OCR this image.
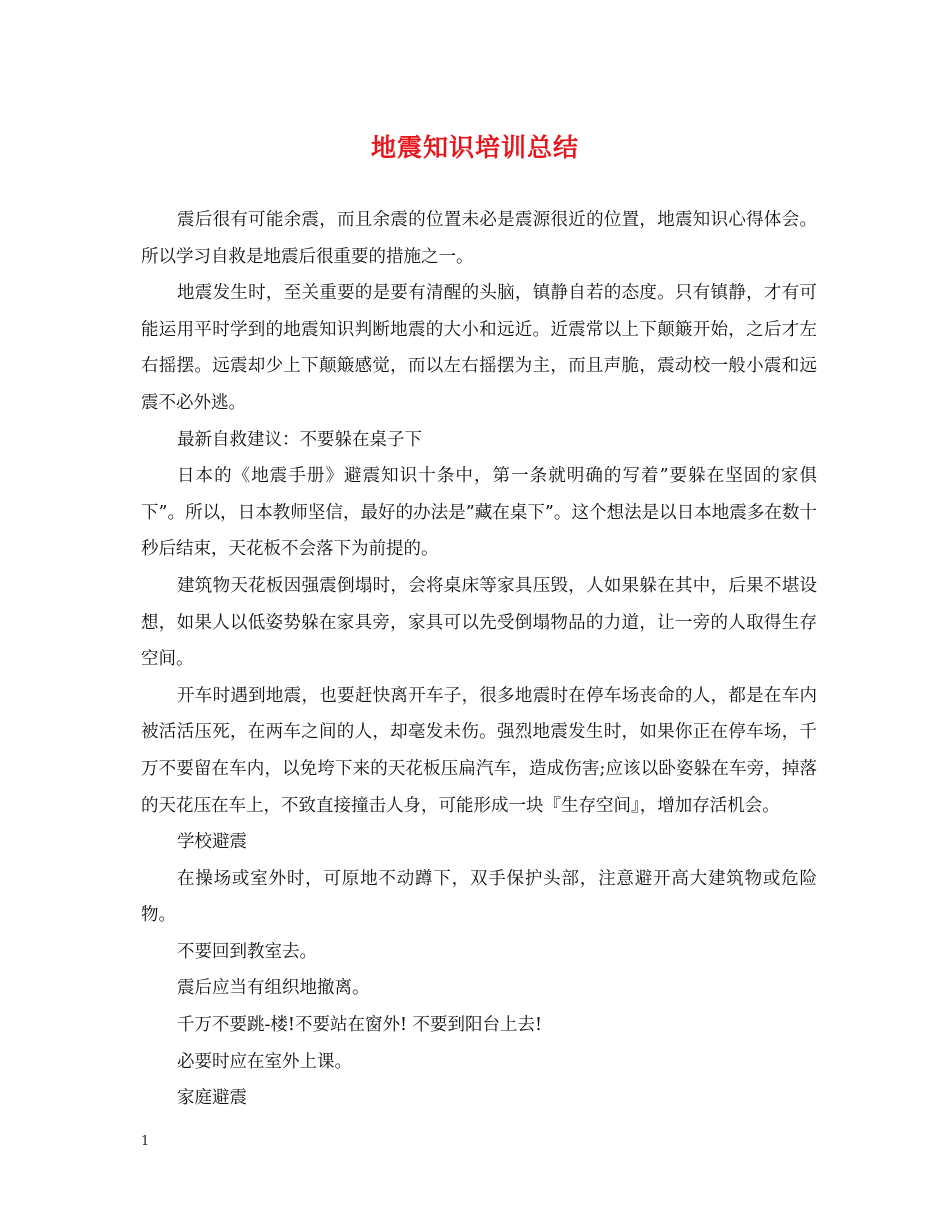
地震知识培训总结

震后很有可能余震，而且余震的位置未必是震源很近的位置，地震知识心得体会。所以学习自救是地震后很重要的措施之一。

地震发生时，至关重要的是要有清醒的头脑，镇静自若的态度。只有镇静，才有可能运用平时学到的地震知识判断地震的大小和远近。近震常以上下颠簸开始，之后才左右摇摆。远震却少上下颠簸感觉，而以左右摇摆为主，而且声脆，震动校一般小震和远震不必外逃。

最新自救建议：不要躲在桌子下

日本的《地震手册》避震知识十条中，第一条就明确的写着”要躲在坚固的家俱下”。所以，日本教师坚信，最好的办法是”藏在桌下”。这个想法是以日本地震多在数十秒后结束，天花板不会落下为前提的。

建筑物天花板因强震倒塌时，会将桌床等家具压毁，人如果躲在其中，后果不堪设想，如果人以低姿势躲在家具旁，家具可以先受倒塌物品的力道，让一旁的人取得生存空间。

开车时遇到地震，也要赶快离开车子，很多地震时在停车场丧命的人，都是在车内被活活压死，在两车之间的人，却毫发未伤。强烈地震发生时，如果你正在停车场，千万不要留在车内，以免垮下来的天花板压扁汽车，造成伤害;应该以卧姿躲在车旁，掉落的天花压在车上，不致直接撞击人身，可能形成一块『生存空间』，增加存活机会。

学校避震

在操场或室外时，可原地不动蹲下，双手保护头部，注意避开高大建筑物或危险物。

不要回到教室去。

震后应当有组织地撤离。

千万不要跳-楼!不要站在窗外! 不要到阳台上去!

必要时应在室外上课。

家庭避震

1
